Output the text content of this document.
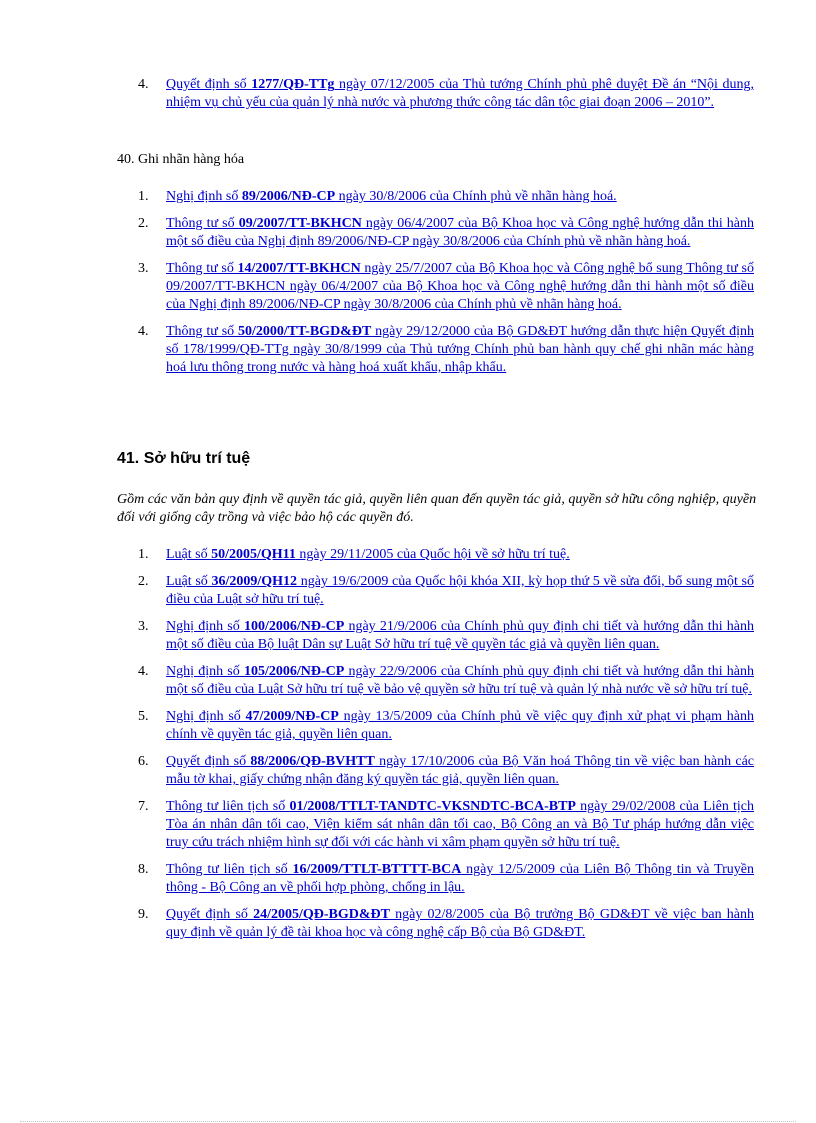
4. Quyết định số 1277/QĐ-TTg ngày 07/12/2005 của Thủ tướng Chính phủ phê duyệt Đề án “Nội dung, nhiệm vụ chủ yếu của quản lý nhà nước và phương thức công tác dân tộc giai đoạn 2006 – 2010”.
40. Ghi nhãn hàng hóa
1. Nghị định số 89/2006/NĐ-CP ngày 30/8/2006 của Chính phủ về nhãn hàng hoá.
2. Thông tư số 09/2007/TT-BKHCN ngày 06/4/2007 của Bộ Khoa học và Công nghệ hướng dẫn thi hành một số điều của Nghị định 89/2006/NĐ-CP ngày 30/8/2006 của Chính phủ về nhãn hàng hoá.
3. Thông tư số 14/2007/TT-BKHCN ngày 25/7/2007 của Bộ Khoa học và Công nghệ bổ sung Thông tư số 09/2007/TT-BKHCN ngày 06/4/2007 của Bộ Khoa học và Công nghệ hướng dẫn thi hành một số điều của Nghị định 89/2006/NĐ-CP ngày 30/8/2006 của Chính phủ về nhãn hàng hoá.
4. Thông tư số 50/2000/TT-BGD&ĐT ngày 29/12/2000 của Bộ GD&ĐT hướng dẫn thực hiện Quyết định số 178/1999/QĐ-TTg ngày 30/8/1999 của Thủ tướng Chính phủ ban hành quy chế ghi nhãn mác hàng hoá lưu thông trong nước và hàng hoá xuất khẩu, nhập khẩu.
41. Sở hữu trí tuệ
Gồm các văn bản quy định về quyền tác giả, quyền liên quan đến quyền tác giả, quyền sở hữu công nghiệp, quyền đối với giống cây trồng và việc bảo hộ các quyền đó.
1. Luật số 50/2005/QH11 ngày 29/11/2005 của Quốc hội về sở hữu trí tuệ.
2. Luật số 36/2009/QH12 ngày 19/6/2009 của Quốc hội khóa XII, kỳ họp thứ 5 về sửa đổi, bổ sung một số điều của Luật sở hữu trí tuệ.
3. Nghị định số 100/2006/NĐ-CP ngày 21/9/2006 của Chính phủ quy định chi tiết và hướng dẫn thi hành một số điều của Bộ luật Dân sự Luật Sở hữu trí tuệ về quyền tác giả và quyền liên quan.
4. Nghị định số 105/2006/NĐ-CP ngày 22/9/2006 của Chính phủ quy định chi tiết và hướng dẫn thi hành một số điều của Luật Sở hữu trí tuệ về bảo vệ quyền sở hữu trí tuệ và quản lý nhà nước về sở hữu trí tuệ.
5. Nghị định số 47/2009/NĐ-CP ngày 13/5/2009 của Chính phủ về việc quy định xử phạt vi phạm hành chính về quyền tác giả, quyền liên quan.
6. Quyết định số 88/2006/QĐ-BVHTT ngày 17/10/2006 của Bộ Văn hoá Thông tin về việc ban hành các mẫu tờ khai, giấy chứng nhận đăng ký quyền tác giả, quyền liên quan.
7. Thông tư liên tịch số 01/2008/TTLT-TANDTC-VKSNDTC-BCA-BTP ngày 29/02/2008 của Liên tịch Tòa án nhân dân tối cao, Viện kiểm sát nhân dân tối cao, Bộ Công an và Bộ Tư pháp hướng dẫn việc truy cứu trách nhiệm hình sự đối với các hành vi xâm phạm quyền sở hữu trí tuệ.
8. Thông tư liên tịch số 16/2009/TTLT-BTTTT-BCA ngày 12/5/2009 của Liên Bộ Thông tin và Truyền thông - Bộ Công an về phối hợp phòng, chống in lậu.
9. Quyết định số 24/2005/QĐ-BGD&ĐT ngày 02/8/2005 của Bộ trưởng Bộ GD&ĐT về việc ban hành quy định về quản lý đề tài khoa học và công nghệ cấp Bộ của Bộ GD&ĐT.
